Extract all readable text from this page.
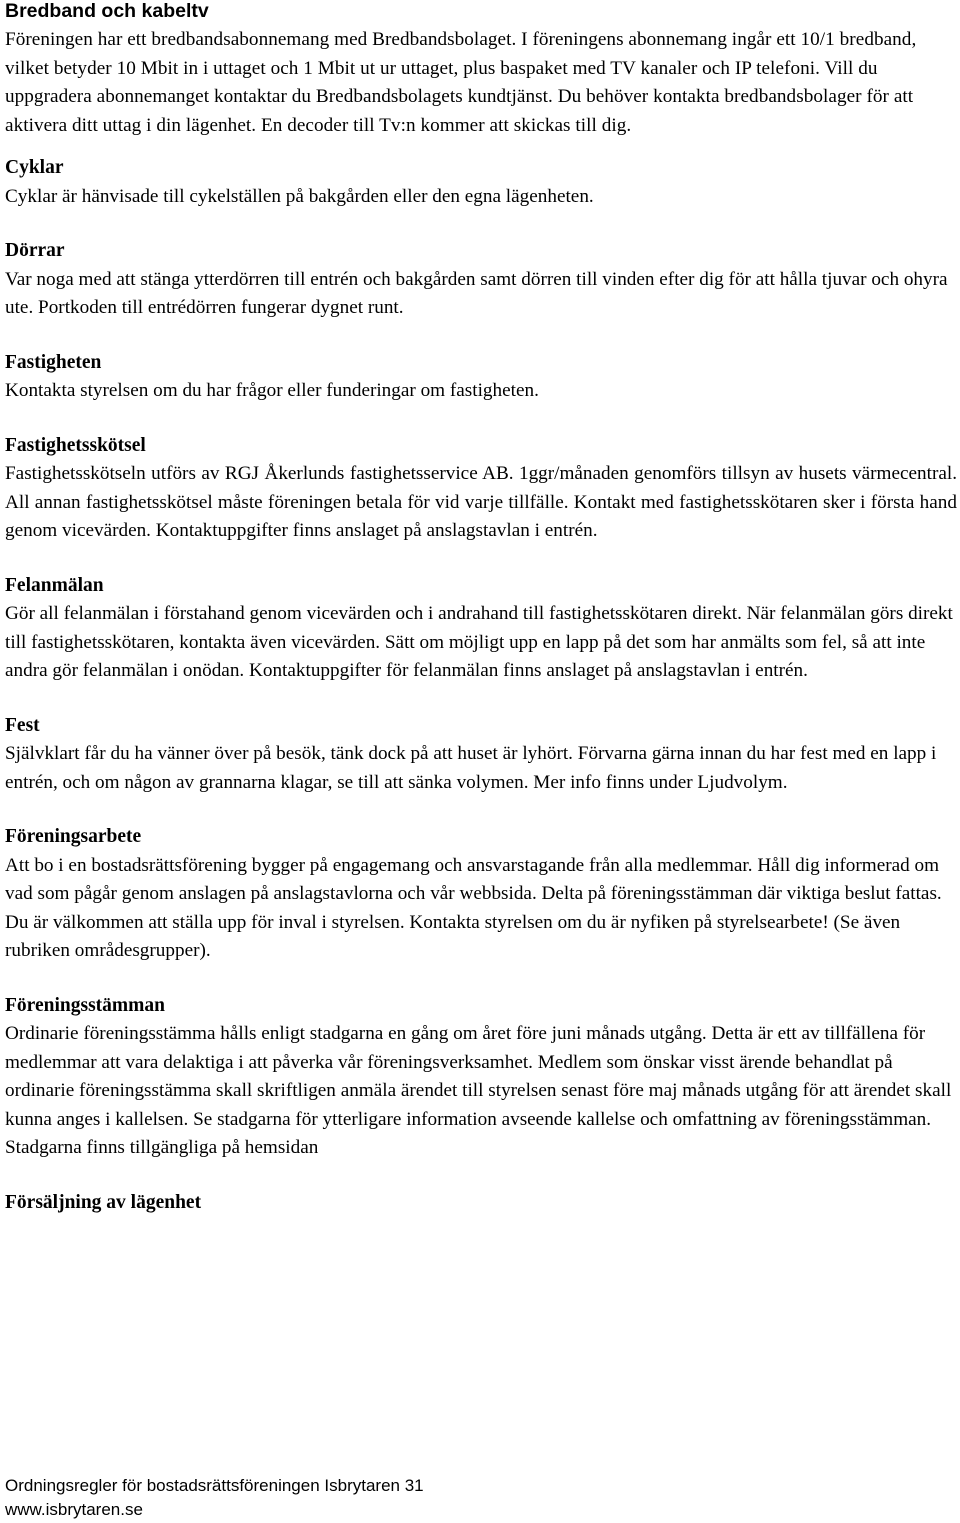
Bredband och kabeltv

Föreningen har ett bredbandsabonnemang med Bredbandsbolaget. I föreningens abonnemang ingår ett 10/1 bredband, vilket betyder 10 Mbit in i uttaget och 1 Mbit ut ur uttaget, plus baspaket med TV kanaler och IP telefoni. Vill du uppgradera abonnemanget kontaktar du Bredbandsbolagets kundtjänst. Du behöver kontakta bredbandsbolager för att aktivera ditt uttag i din lägenhet. En decoder till Tv:n kommer att skickas till dig.

Cyklar

Cyklar är hänvisade till cykelställen på bakgården eller den egna lägenheten.

Dörrar

Var noga med att stänga ytterdörren till entrén och bakgården samt dörren till vinden efter dig för att hålla tjuvar och ohyra ute. Portkoden till entrédörren fungerar dygnet runt.

Fastigheten

Kontakta styrelsen om du har frågor eller funderingar om fastigheten.

Fastighetsskötsel

Fastighetsskötseln utförs av RGJ Åkerlunds fastighetsservice AB. 1ggr/månaden genomförs tillsyn av husets värmecentral. All annan fastighetsskötsel måste föreningen betala för vid varje tillfälle. Kontakt med fastighetsskötaren sker i första hand genom vicevärden. Kontaktuppgifter finns anslaget på anslagstavlan i entrén.

Felanmälan

Gör all felanmälan i förstahand genom vicevärden och i andrahand till fastighetsskötaren direkt. När felanmälan görs direkt till fastighetsskötaren, kontakta även vicevärden. Sätt om möjligt upp en lapp på det som har anmälts som fel, så att inte andra gör felanmälan i onödan. Kontaktuppgifter för felanmälan finns anslaget på anslagstavlan i entrén.

Fest

Självklart får du ha vänner över på besök, tänk dock på att huset är lyhört. Förvarna gärna innan du har fest med en lapp i entrén, och om någon av grannarna klagar, se till att sänka volymen. Mer info finns under Ljudvolym.

Föreningsarbete

Att bo i en bostadsrättsförening bygger på engagemang och ansvarstagande från alla medlemmar. Håll dig informerad om vad som pågår genom anslagen på anslagstavlorna och vår webbsida. Delta på föreningsstämman där viktiga beslut fattas. Du är välkommen att ställa upp för inval i styrelsen. Kontakta styrelsen om du är nyfiken på styrelsearbete! (Se även rubriken områdesgrupper).

Föreningsstämman

Ordinarie föreningsstämma hålls enligt stadgarna en gång om året före juni månads utgång. Detta är ett av tillfällena för medlemmar att vara delaktiga i att påverka vår föreningsverksamhet. Medlem som önskar visst ärende behandlat på ordinarie föreningsstämma skall skriftligen anmäla ärendet till styrelsen senast före maj månads utgång för att ärendet skall kunna anges i kallelsen. Se stadgarna för ytterligare information avseende kallelse och omfattning av föreningsstämman. Stadgarna finns tillgängliga på hemsidan

Försäljning av lägenhet
Ordningsregler för bostadsrättsföreningen Isbrytaren 31
www.isbrytaren.se
